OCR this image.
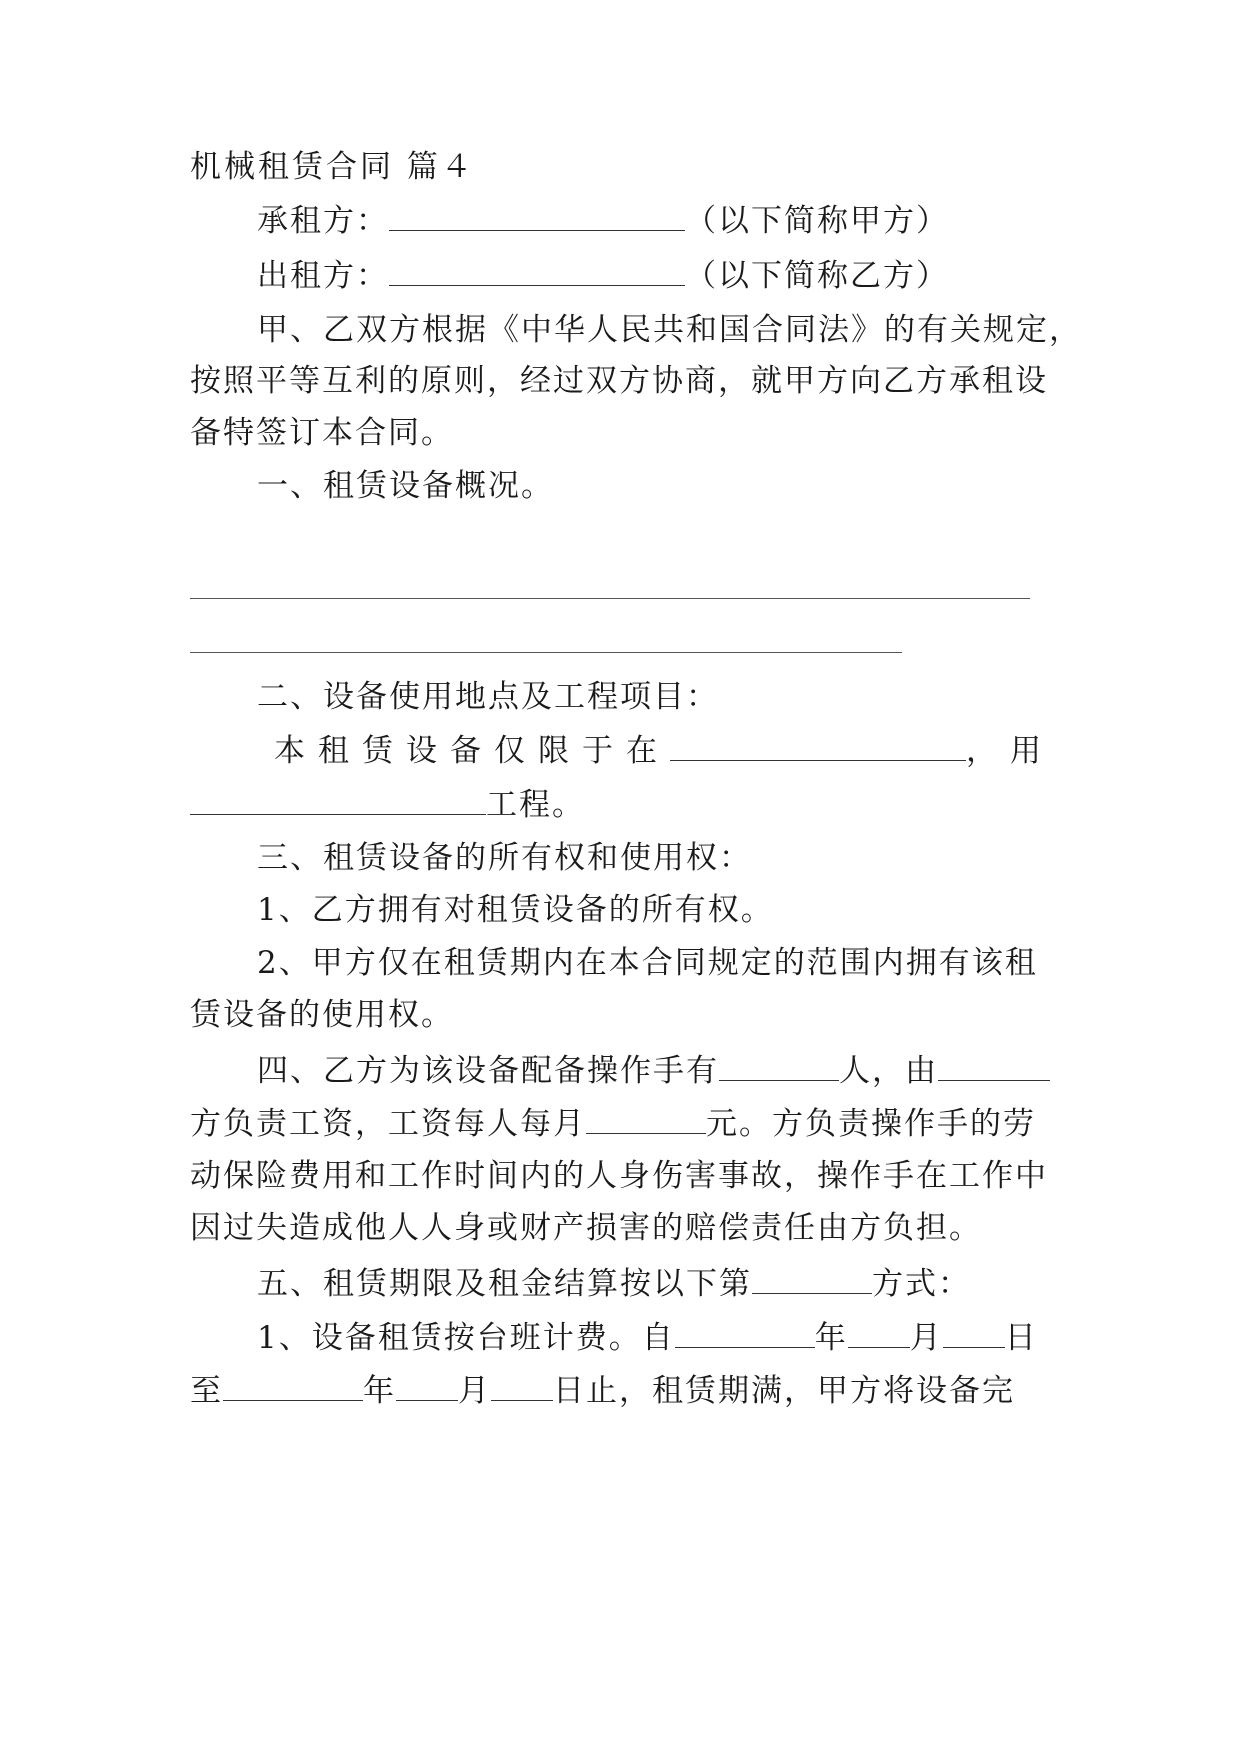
机械租赁合同 篇４
承租方：	（以下简称甲方）
出租方：	（以下简称乙方）
甲、乙双方根据《中华人民共和国合同法》的有关规定，
按照平等互利的原则，经过双方协商，就甲方向乙方承租设
备特签订本合同。
一、租赁设备概况。
二、设备使用地点及工程项目：
本租赁设备仅限于在	，用
工程。
三、租赁设备的所有权和使用权：
1、乙方拥有对租赁设备的所有权。
2、甲方仅在租赁期内在本合同规定的范围内拥有该租
赁设备的使用权。
四、乙方为该设备配备操作手有	人，由
方负责工资，工资每人每月	元。方负责操作手的劳
动保险费用和工作时间内的人身伤害事故，操作手在工作中
因过失造成他人人身或财产损害的赔偿责任由方负担。
五、租赁期限及租金结算按以下第	方式：
1、设备租赁按台班计费。自	年 月 日
至	年 月 日止，租赁期满，甲方将设备完
